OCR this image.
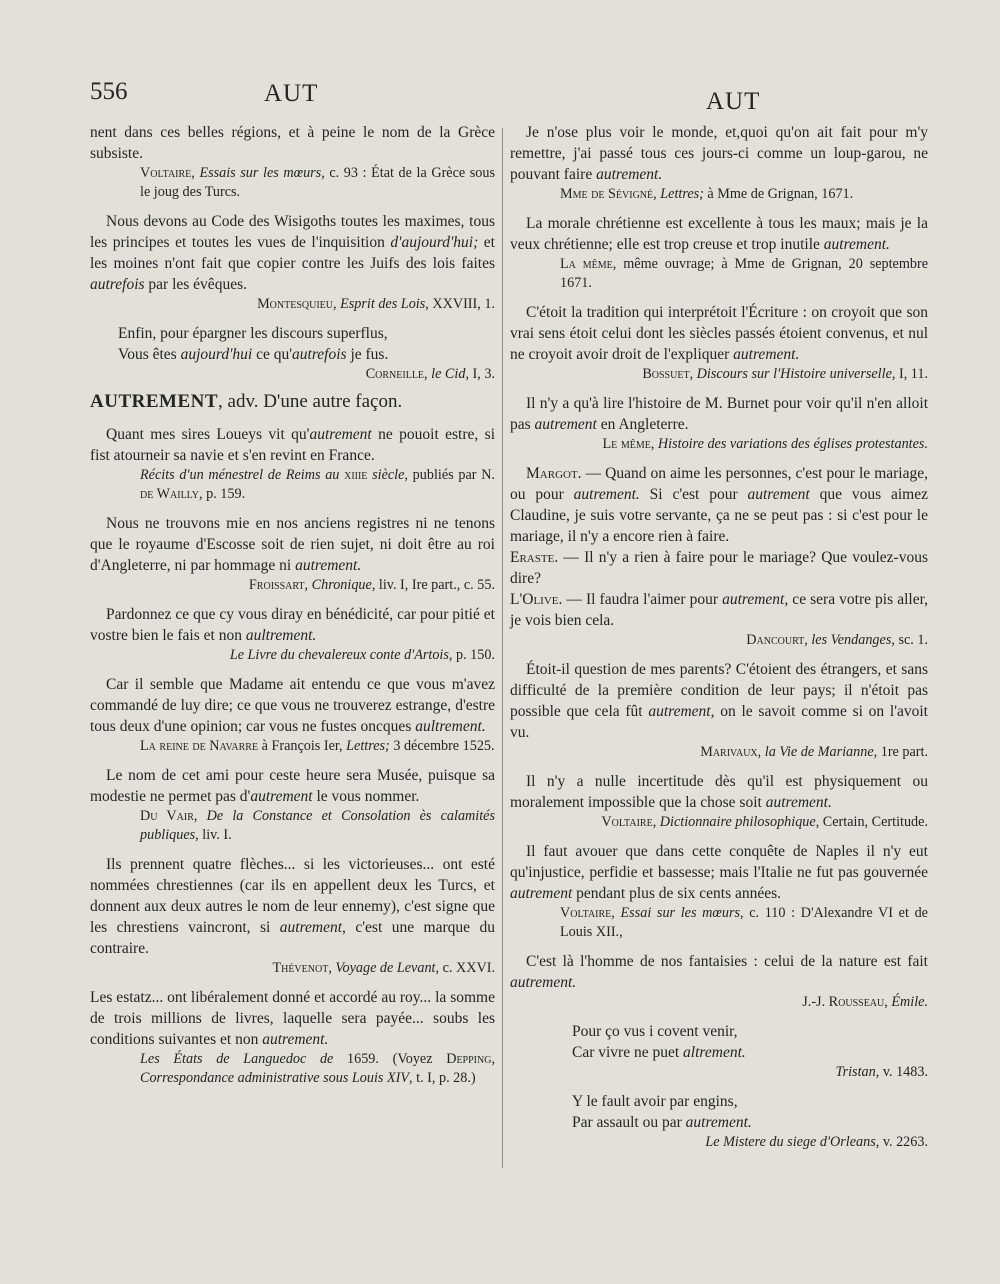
556	AUT	AUT

nent dans ces belles régions, et à peine le nom de la Grèce subsiste.

Voltaire, Essais sur les mœurs, c. 93 : État de la Grèce sous le joug des Turcs.

Nous devons au Code des Wisigoths toutes les maximes, tous les principes et toutes les vues de l'inquisition d'aujourd'hui; et les moines n'ont fait que copier contre les Juifs des lois faites autrefois par les évêques.

Montesquieu, Esprit des Lois, XXVIII, 1.

Enfin, pour épargner les discours superflus,

Vous êtes aujourd'hui ce qu'autrefois je fus.

Corneille, le Cid, I, 3.

AUTREMENT, adv. D'une autre façon.

Quant mes sires Loueys vit qu'autrement ne pouoit estre, si fist atourneir sa navie et s'en revint en France.

Récits d'un ménestrel de Reims au xiiie siècle, publiés par N. de Wailly, p. 159.

Nous ne trouvons mie en nos anciens registres ni ne tenons que le royaume d'Escosse soit de rien sujet, ni doit être au roi d'Angleterre, ni par hommage ni autrement.

Froissart, Chronique, liv. I, Ire part., c. 55.

Pardonnez ce que cy vous diray en bénédicité, car pour pitié et vostre bien le fais et non aultrement.

Le Livre du chevalereux conte d'Artois, p. 150.

Car il semble que Madame ait entendu ce que vous m'avez commandé de luy dire; ce que vous ne trouverez estrange, d'estre tous deux d'une opinion; car vous ne fustes oncques aultrement.

La reine de Navarre à François Ier, Lettres; 3 décembre 1525.

Le nom de cet ami pour ceste heure sera Musée, puisque sa modestie ne permet pas d'autrement le vous nommer.

Du Vair, De la Constance et Consolation ès calamités publiques, liv. I.

Ils prennent quatre flèches... si les victorieuses... ont esté nommées chrestiennes (car ils en appellent deux les Turcs, et donnent aux deux autres le nom de leur ennemy), c'est signe que les chrestiens vaincront, si autrement, c'est une marque du contraire.

Thévenot, Voyage de Levant, c. XXVI.

Les estatz... ont libéralement donné et accordé au roy... la somme de trois millions de livres, laquelle sera payée... soubs les conditions suivantes et non autrement.

Les États de Languedoc de 1659. (Voyez Depping, Correspondance administrative sous Louis XIV, t. I, p. 28.)

Je n'ose plus voir le monde, et,quoi qu'on ait fait pour m'y remettre, j'ai passé tous ces jours-ci comme un loup-garou, ne pouvant faire autrement.

Mme de Sévigné, Lettres; à Mme de Grignan, 1671.

La morale chrétienne est excellente à tous les maux; mais je la veux chrétienne; elle est trop creuse et trop inutile autrement.

La même, même ouvrage; à Mme de Grignan, 20 septembre 1671.

C'étoit la tradition qui interprétoit l'Écriture : on croyoit que son vrai sens étoit celui dont les siècles passés étoient convenus, et nul ne croyoit avoir droit de l'expliquer autrement.

Bossuet, Discours sur l'Histoire universelle, I, 11.

Il n'y a qu'à lire l'histoire de M. Burnet pour voir qu'il n'en alloit pas autrement en Angleterre.

Le même, Histoire des variations des églises protestantes.

Margot. — Quand on aime les personnes, c'est pour le mariage, ou pour autrement. Si c'est pour autrement que vous aimez Claudine, je suis votre servante, ça ne se peut pas : si c'est pour le mariage, il n'y a encore rien à faire.

Eraste. — Il n'y a rien à faire pour le mariage? Que voulez-vous dire?

L'Olive. — Il faudra l'aimer pour autrement, ce sera votre pis aller, je vois bien cela.

Dancourt, les Vendanges, sc. 1.

Étoit-il question de mes parents? C'étoient des étrangers, et sans difficulté de la première condition de leur pays; il n'étoit pas possible que cela fût autrement, on le savoit comme si on l'avoit vu.

Marivaux, la Vie de Marianne, 1re part.

Il n'y a nulle incertitude dès qu'il est physiquement ou moralement impossible que la chose soit autrement.

Voltaire, Dictionnaire philosophique, Certain, Certitude.

Il faut avouer que dans cette conquête de Naples il n'y eut qu'injustice, perfidie et bassesse; mais l'Italie ne fut pas gouvernée autrement pendant plus de six cents années.

Voltaire, Essai sur les mœurs, c. 110 : D'Alexandre VI et de Louis XII.,

C'est là l'homme de nos fantaisies : celui de la nature est fait autrement.

J.-J. Rousseau, Émile.

Pour ço vus i covent venir,

Car vivre ne puet altrement.

Tristan, v. 1483.

Y le fault avoir par engins,

Par assault ou par autrement.

Le Mistere du siege d'Orleans, v. 2263.
